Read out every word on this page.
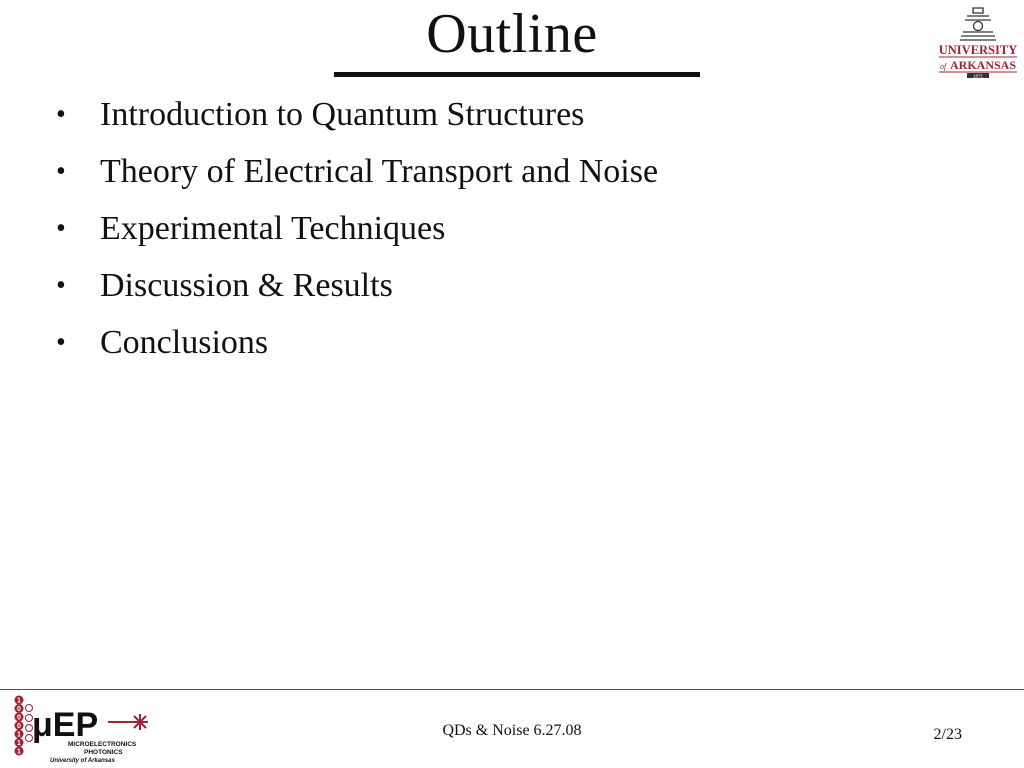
Outline	UNIVERSITY
of ARKANSAS
1871
• Introduction to Quantum Structures
• Theory of Electrical Transport and Noise
• Experimental Techniques
• Discussion & Results
• Conclusions
1
0
0
0
1
1
1
μEP
MICROELECTRONICS
PHOTONICS
University of Arkansas
QDs & Noise 6.27.08	2/23
